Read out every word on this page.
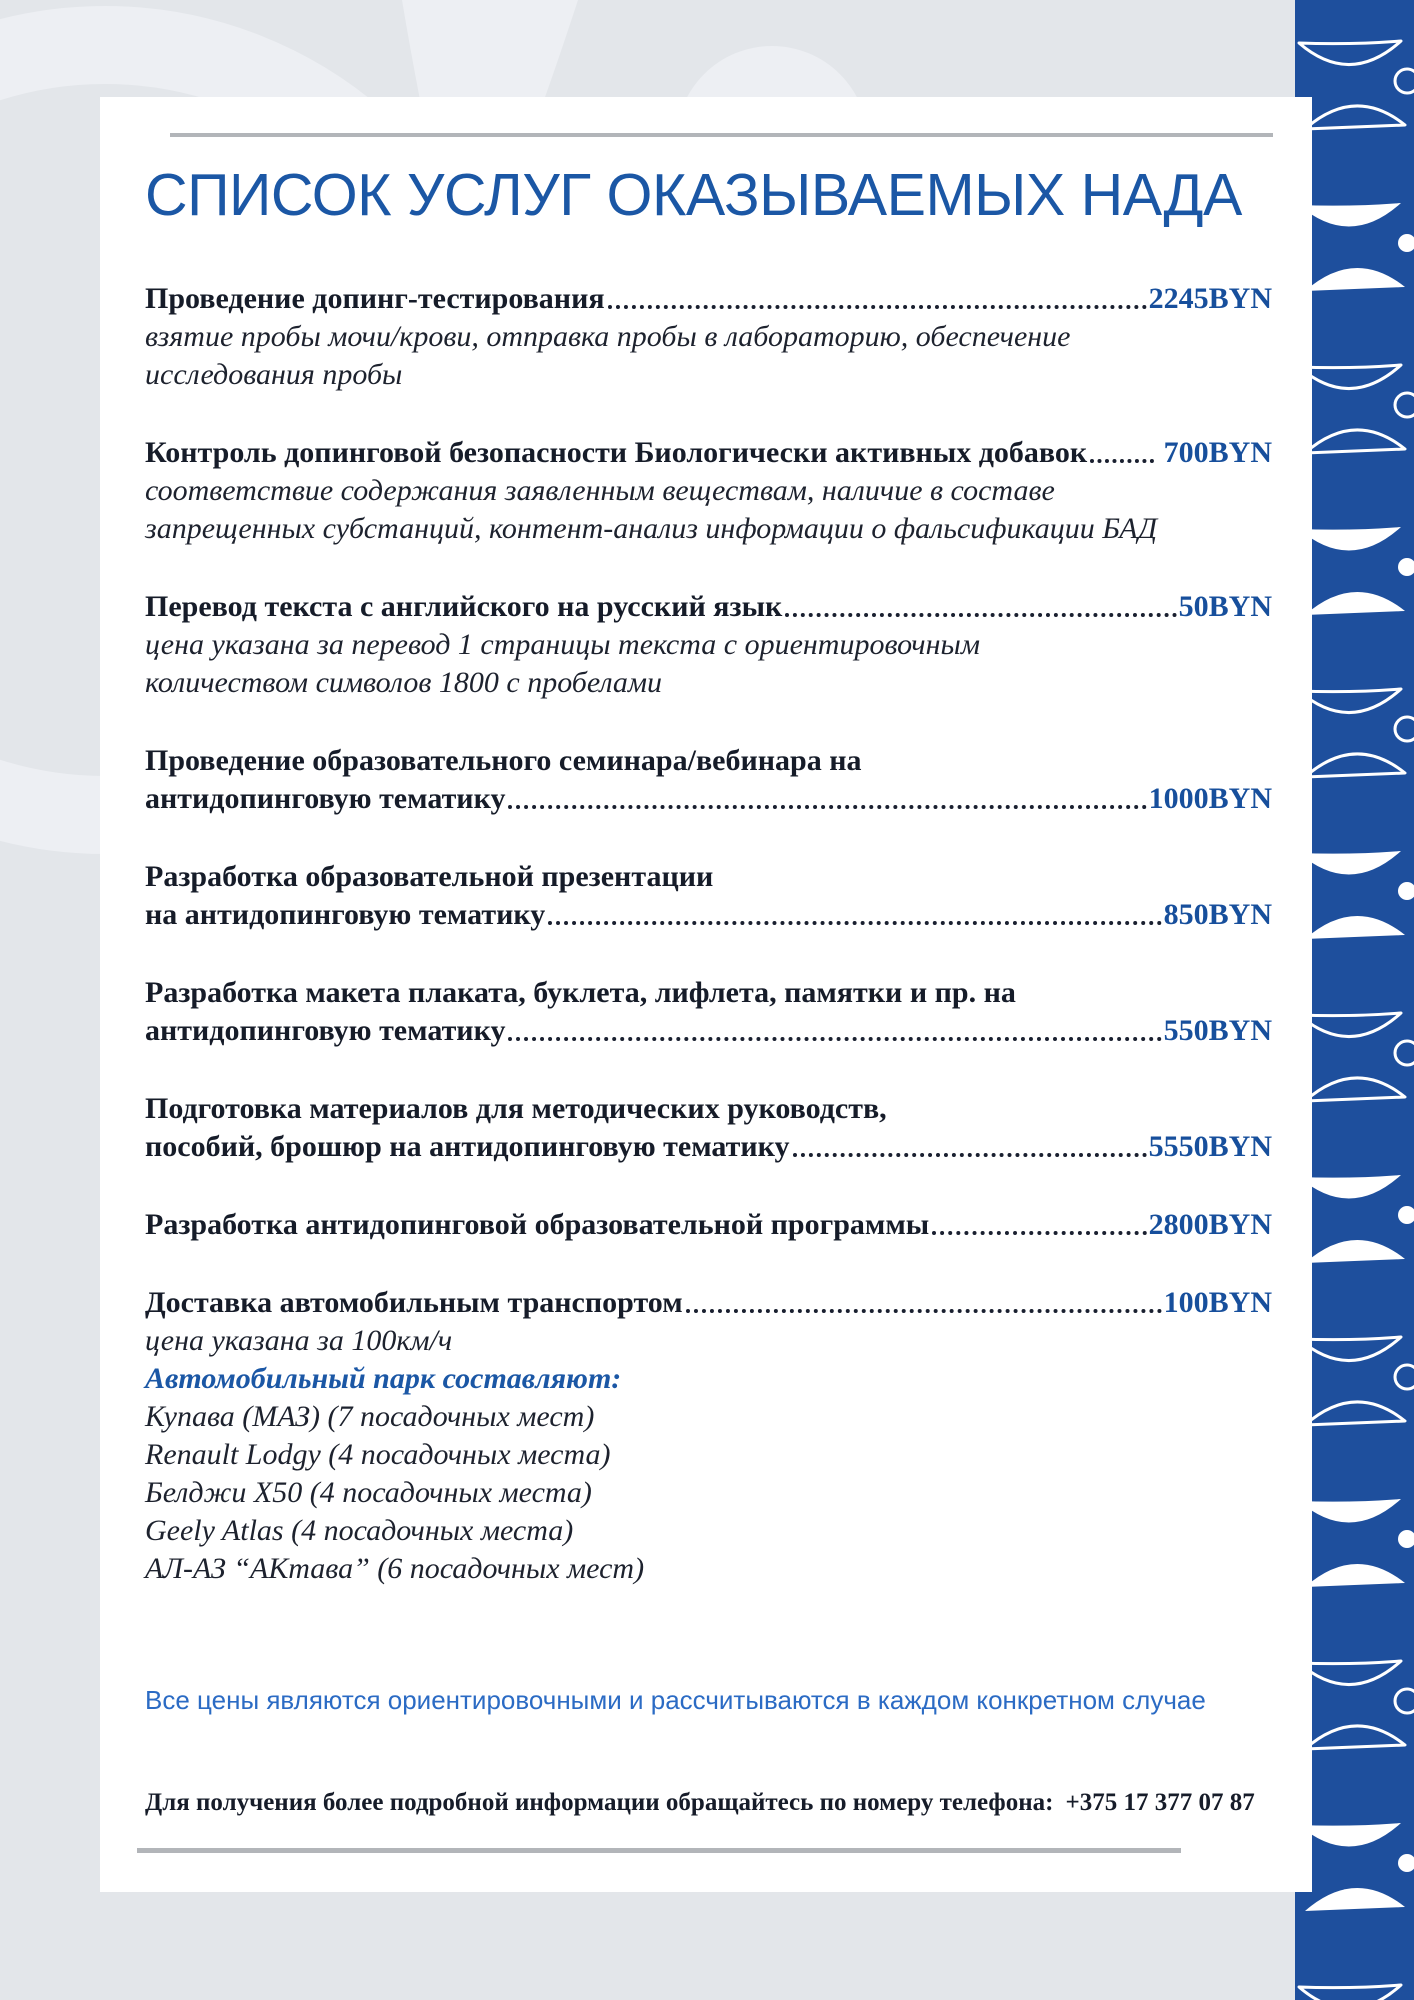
СПИСОК УСЛУГ ОКАЗЫВАЕМЫХ НАДА
Проведение допинг-тестирования	2245BYN
взятие пробы мочи/крови, отправка пробы в лабораторию, обеспечение
исследования пробы
Контроль допинговой безопасности Биологически активных добавок 700BYN
соответствие содержания заявленным веществам, наличие в составе
запрещенных субстанций, контент-анализ информации о фальсификации БАД
Перевод текста с английского на русский язык	50BYN
цена указана за перевод 1 страницы текста с ориентировочным
количеством символов 1800 с пробелами
Проведение образовательного семинара/вебинара на
антидопинговую тематику	1000BYN
Разработка образовательной презентации
на антидопинговую тематику	850BYN
Разработка макета плаката, буклета, лифлета, памятки и пр. на
антидопинговую тематику	550BYN
Подготовка материалов для методических руководств,
пособий, брошюр на антидопинговую тематику	5550BYN
Разработка антидопинговой образовательной программы	2800BYN
Доставка автомобильным транспортом	100BYN
цена указана за 100км/ч
Автомобильный парк составляют:
Купава (МАЗ) (7 посадочных мест)
Renault Lodgy (4 посадочных места)
Белджи X50 (4 посадочных места)
Geely Atlas (4 посадочных места)
АЛ-АЗ “АКтава” (6 посадочных мест)
Все цены являются ориентировочными и рассчитываются в каждом конкретном случае
Для получения более подробной информации обращайтесь по номеру телефона: +375 17 377 07 87
